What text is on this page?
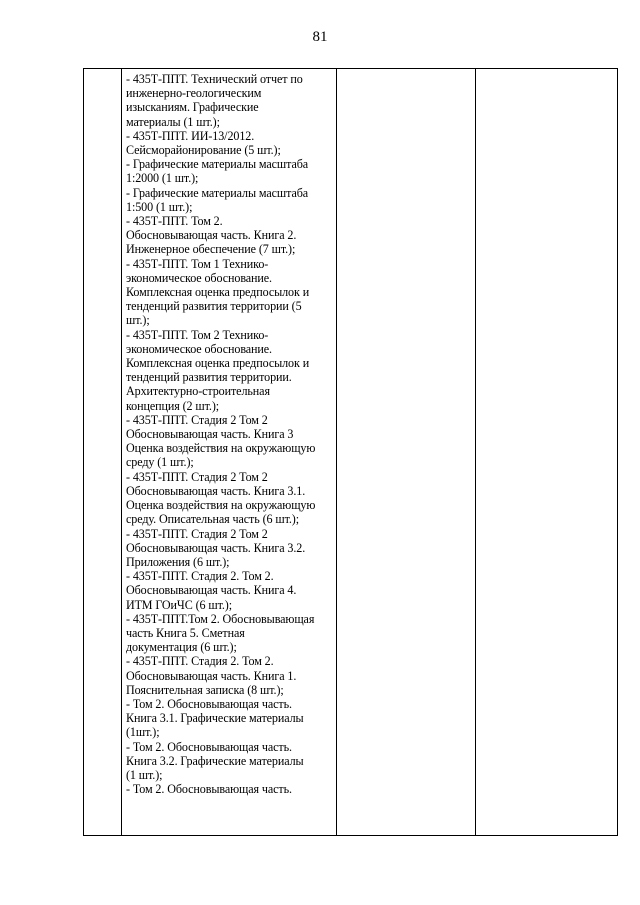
81

- 435Т-ППТ. Технический отчет по
инженерно-геологическим
изысканиям. Графические
материалы (1 шт.);
- 435Т-ППТ. ИИ-13/2012.
Сейсморайонирование (5 шт.);
- Графические материалы масштаба
1:2000 (1 шт.);
- Графические материалы масштаба
1:500 (1 шт.);
- 435Т-ППТ. Том 2.
Обосновывающая часть. Книга 2.
Инженерное обеспечение (7 шт.);
- 435Т-ППТ. Том 1 Технико-
экономическое обоснование.
Комплексная оценка предпосылок и
тенденций развития территории (5
шт.);
- 435Т-ППТ. Том 2 Технико-
экономическое обоснование.
Комплексная оценка предпосылок и
тенденций развития территории.
Архитектурно-строительная
концепция (2 шт.);
- 435Т-ППТ. Стадия 2 Том 2
Обосновывающая часть. Книга 3
Оценка воздействия на окружающую
среду (1 шт.);
- 435Т-ППТ. Стадия 2 Том 2
Обосновывающая часть. Книга 3.1.
Оценка воздействия на окружающую
среду. Описательная часть (6 шт.);
- 435Т-ППТ. Стадия 2 Том 2
Обосновывающая часть. Книга 3.2.
Приложения (6 шт.);
- 435Т-ППТ. Стадия 2. Том 2.
Обосновывающая часть. Книга 4.
ИТМ ГОиЧС (6 шт.);
- 435Т-ППТ.Том 2. Обосновывающая
часть Книга 5. Сметная
документация (6 шт.);
- 435Т-ППТ. Стадия 2. Том 2.
Обосновывающая часть. Книга 1.
Пояснительная записка (8 шт.);
- Том 2. Обосновывающая часть.
Книга 3.1. Графические материалы
(1шт.);
- Том 2. Обосновывающая часть.
Книга 3.2. Графические материалы
(1 шт.);
- Том 2. Обосновывающая часть.
